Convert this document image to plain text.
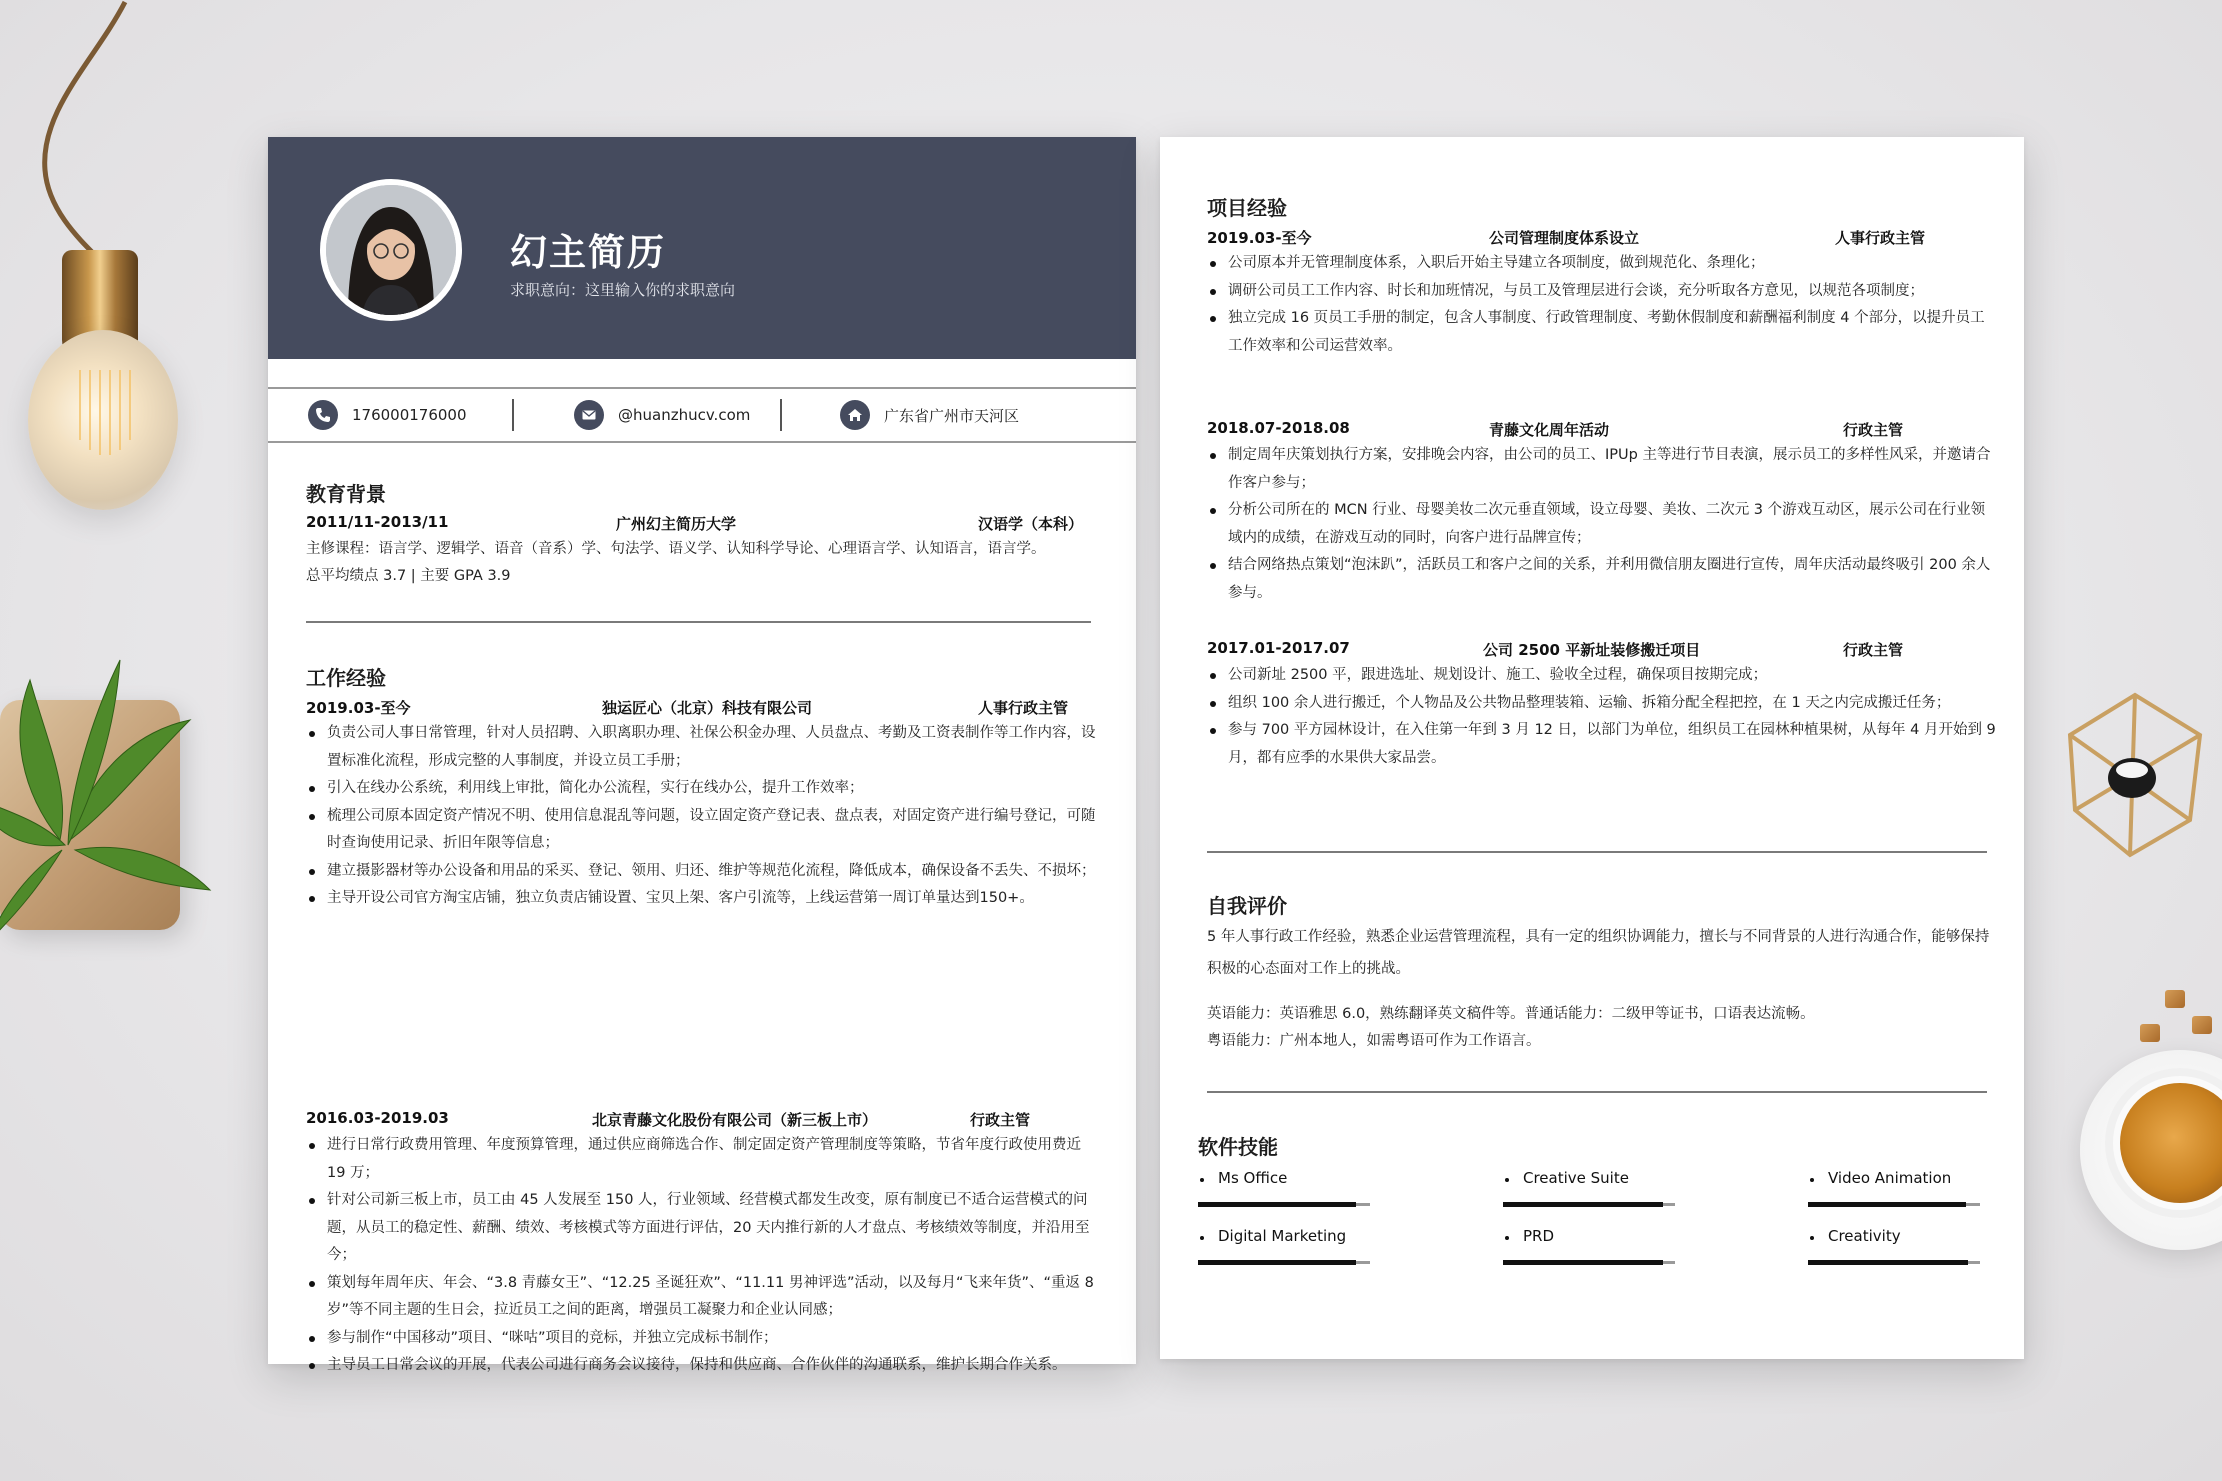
幻主简历
求职意向：这里输入你的求职意向
176000176000	@huanzhucv.com	广东省广州市天河区
教育背景
2011/11-2013/11	广州幻主简历大学	汉语学（本科）
主修课程：语言学、逻辑学、语音（音系）学、句法学、语义学、认知科学导论、心理语言学、认知语言，语言学。
总平均绩点 3.7 | 主要 GPA 3.9
工作经验
2019.03-至今	独运匠心（北京）科技有限公司	人事行政主管
负责公司人事日常管理，针对人员招聘、入职离职办理、社保公积金办理、人员盘点、考勤及工资表制作等工作内容，设置标准化流程，形成完整的人事制度，并设立员工手册；
引入在线办公系统，利用线上审批，简化办公流程，实行在线办公，提升工作效率；
梳理公司原本固定资产情况不明、使用信息混乱等问题，设立固定资产登记表、盘点表，对固定资产进行编号登记，可随时查询使用记录、折旧年限等信息；
建立摄影器材等办公设备和用品的采买、登记、领用、归还、维护等规范化流程，降低成本，确保设备不丢失、不损坏；
主导开设公司官方淘宝店铺，独立负责店铺设置、宝贝上架、客户引流等，上线运营第一周订单量达到150+。
2016.03-2019.03	北京青藤文化股份有限公司（新三板上市）	行政主管
进行日常行政费用管理、年度预算管理，通过供应商筛选合作、制定固定资产管理制度等策略，节省年度行政使用费近 19 万；
针对公司新三板上市，员工由 45 人发展至 150 人，行业领域、经营模式都发生改变，原有制度已不适合运营模式的问题，从员工的稳定性、薪酬、绩效、考核模式等方面进行评估，20 天内推行新的人才盘点、考核绩效等制度，并沿用至今；
策划每年周年庆、年会、“3.8 青藤女王”、“12.25 圣诞狂欢”、“11.11 男神评选”活动，以及每月“飞来年货”、“重返 8 岁”等不同主题的生日会，拉近员工之间的距离，增强员工凝聚力和企业认同感；
参与制作“中国移动”项目、“咪咕”项目的竞标，并独立完成标书制作；
主导员工日常会议的开展，代表公司进行商务会议接待，保持和供应商、合作伙伴的沟通联系，维护长期合作关系。
项目经验
2019.03-至今	公司管理制度体系设立	人事行政主管
公司原本并无管理制度体系，入职后开始主导建立各项制度，做到规范化、条理化；
调研公司员工工作内容、时长和加班情况，与员工及管理层进行会谈，充分听取各方意见，以规范各项制度；
独立完成 16 页员工手册的制定，包含人事制度、行政管理制度、考勤休假制度和薪酬福利制度 4 个部分，以提升员工工作效率和公司运营效率。
2018.07-2018.08	青藤文化周年活动	行政主管
制定周年庆策划执行方案，安排晚会内容，由公司的员工、IPUp 主等进行节目表演，展示员工的多样性风采，并邀请合作客户参与；
分析公司所在的 MCN 行业、母婴美妆二次元垂直领域，设立母婴、美妆、二次元 3 个游戏互动区，展示公司在行业领域内的成绩，在游戏互动的同时，向客户进行品牌宣传；
结合网络热点策划“泡沫趴”，活跃员工和客户之间的关系，并利用微信朋友圈进行宣传，周年庆活动最终吸引 200 余人参与。
2017.01-2017.07	公司 2500 平新址装修搬迁项目	行政主管
公司新址 2500 平，跟进选址、规划设计、施工、验收全过程，确保项目按期完成；
组织 100 余人进行搬迁，个人物品及公共物品整理装箱、运输、拆箱分配全程把控，在 1 天之内完成搬迁任务；
参与 700 平方园林设计，在入住第一年到 3 月 12 日，以部门为单位，组织员工在园林种植果树，从每年 4 月开始到 9 月，都有应季的水果供大家品尝。
自我评价
5 年人事行政工作经验，熟悉企业运营管理流程，具有一定的组织协调能力，擅长与不同背景的人进行沟通合作，能够保持积极的心态面对工作上的挑战。
英语能力：英语雅思 6.0，熟练翻译英文稿件等。普通话能力：二级甲等证书，口语表达流畅。
粤语能力：广州本地人，如需粤语可作为工作语言。
软件技能
Ms Office	Creative Suite	Video Animation
Digital Marketing	PRD	Creativity
